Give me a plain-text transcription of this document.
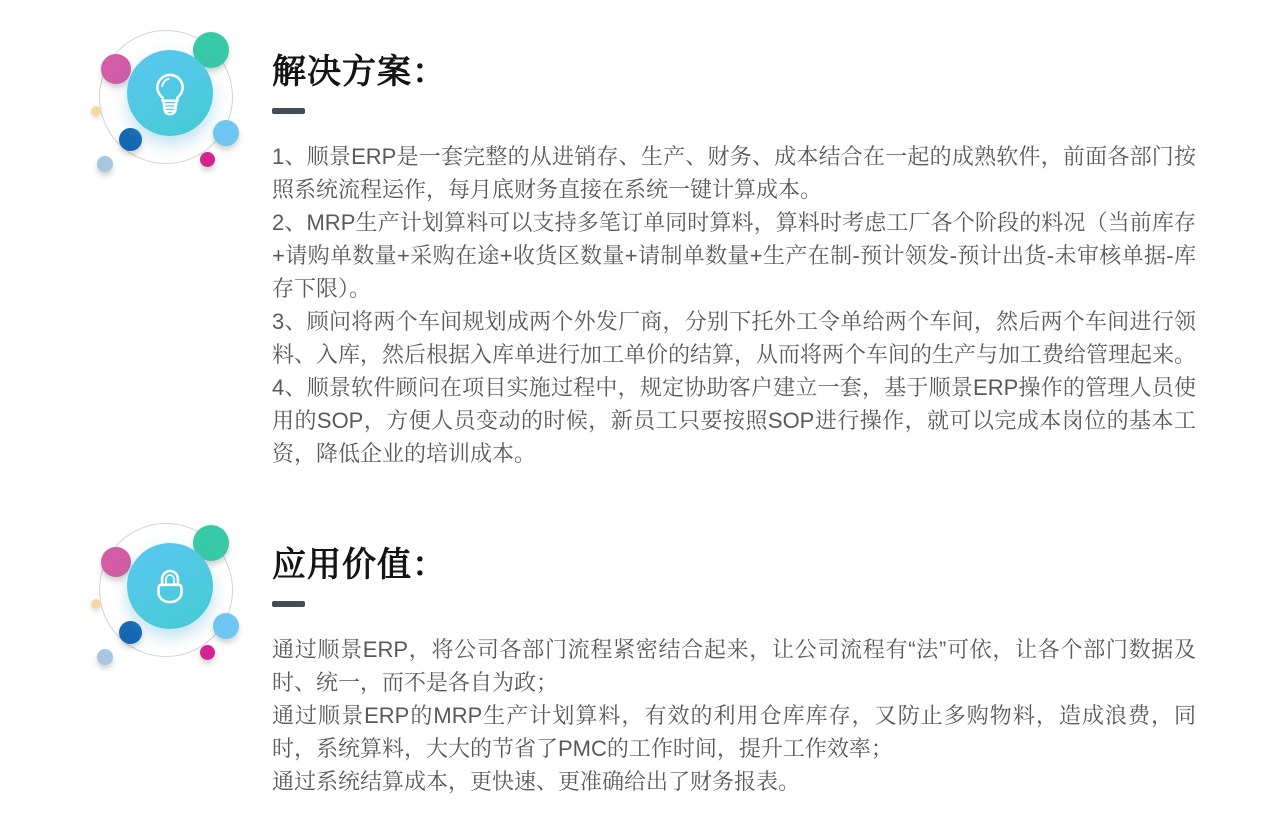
解决方案：

1、顺景ERP是一套完整的从进销存、生产、财务、成本结合在一起的成熟软件，前面各部门按照系统流程运作，每月底财务直接在系统一键计算成本。

2、MRP生产计划算料可以支持多笔订单同时算料，算料时考虑工厂各个阶段的料况（当前库存+请购单数量+采购在途+收货区数量+请制单数量+生产在制-预计领发-预计出货-未审核单据-库存下限）。

3、顾问将两个车间规划成两个外发厂商，分别下托外工令单给两个车间，然后两个车间进行领料、入库，然后根据入库单进行加工单价的结算，从而将两个车间的生产与加工费给管理起来。

4、顺景软件顾问在项目实施过程中，规定协助客户建立一套，基于顺景ERP操作的管理人员使用的SOP，方便人员变动的时候，新员工只要按照SOP进行操作，就可以完成本岗位的基本工资，降低企业的培训成本。

应用价值：

通过顺景ERP，将公司各部门流程紧密结合起来，让公司流程有“法”可依，让各个部门数据及时、统一，而不是各自为政；

通过顺景ERP的MRP生产计划算料，有效的利用仓库库存，又防止多购物料，造成浪费，同时，系统算料，大大的节省了PMC的工作时间，提升工作效率；

通过系统结算成本，更快速、更准确给出了财务报表。
